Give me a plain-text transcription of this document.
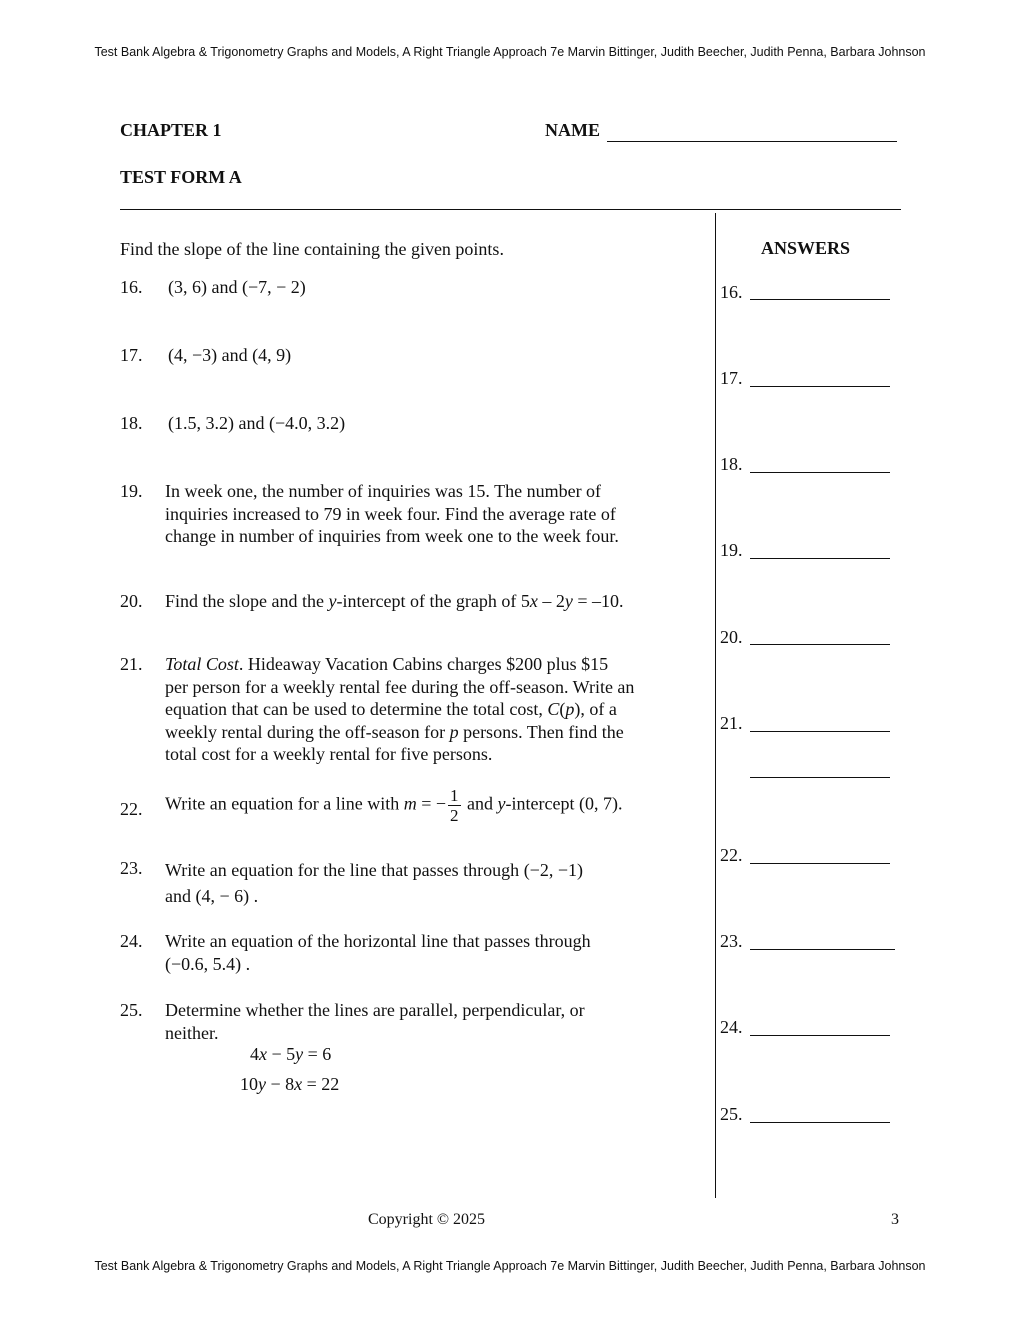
Test Bank Algebra & Trigonometry Graphs and Models, A Right Triangle Approach 7e Marvin Bittinger, Judith Beecher, Judith Penna, Barbara Johnson
CHAPTER 1	NAME
TEST FORM A
Find the slope of the line containing the given points.	ANSWERS
16. (3, 6) and (−7, − 2)
17. (4, −3) and (4, 9)
18. (1.5, 3.2) and (−4.0, 3.2)
19. In week one, the number of inquiries was 15. The number of
inquiries increased to 79 in week four. Find the average rate of
change in number of inquiries from week one to the week four.
20. Find the slope and the y-intercept of the graph of 5x – 2y = –10.
21. Total Cost. Hideaway Vacation Cabins charges $200 plus $15
per person for a weekly rental fee during the off-season. Write an
equation that can be used to determine the total cost, C(p), of a
weekly rental during the off-season for p persons. Then find the
total cost for a weekly rental for five persons.
22. Write an equation for a line with m = − $\frac{1}{2}$ and y-intercept (0, 7).
23. Write an equation for the line that passes through (−2, −1)
and (4, − 6) .
24. Write an equation of the horizontal line that passes through
(−0.6, 5.4) .
25. Determine whether the lines are parallel, perpendicular, or
neither.
4x − 5y = 6
10y − 8x = 22
16.
17.
18.
19.
20.
21.
22.
23.
24.
25.
Copyright © 2025	3
Test Bank Algebra & Trigonometry Graphs and Models, A Right Triangle Approach 7e Marvin Bittinger, Judith Beecher, Judith Penna, Barbara Johnson
